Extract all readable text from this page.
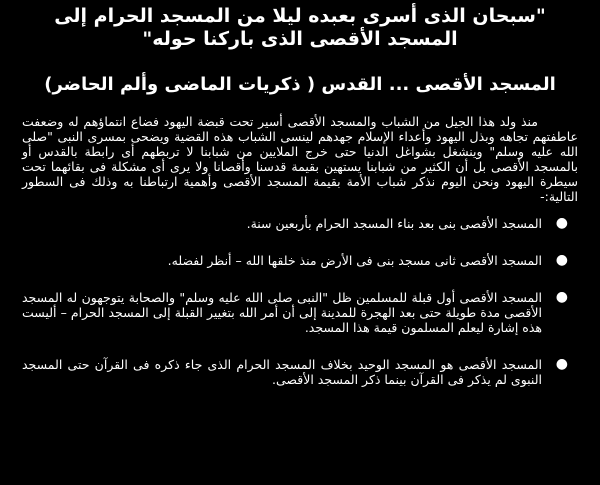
"سبحان الذى أسرى بعبده ليلا من المسجد الحرام إلى

المسجد الأقصى الذى باركنا حوله"

المسجد الأقصى ... القدس ( ذكريات الماضى وألم الحاضر)

منذ ولد هذا الجيل من الشباب والمسجد الأقصى أسير تحت قبضة اليهود فضاع انتماؤهم له وضعفت عاطفتهم تجاهه وبذل اليهود وأعداء الإسلام جهدهم لينسى الشباب هذه القضية ويضحى بمسرى النبى "صلى الله عليه وسلم" وينشغل بشواغل الدنيا حتى خرج الملايين من شبابنا لا تربطهم أى رابطة بالقدس أو بالمسجد الأقصى بل أن الكثير من شبابنا يستهين بقيمة قدسنا وأقصانا ولا يرى أى مشكلة فى بقائهما تحت سيطرة اليهود ونحن اليوم نذكر شباب الأمة بقيمة المسجد الأقصى وأهمية ارتباطنا به وذلك فى السطور التالية:-

●
المسجد الأقصى بنى بعد بناء المسجد الحرام بأربعين سنة.
●
المسجد الأقصى ثانى مسجد بنى فى الأرض منذ خلقها الله – أنظر لفضله.
●
المسجد الأقصى أول قبلة للمسلمين ظل "النبى صلى الله عليه وسلم" والصحابة يتوجهون له المسجد الأقصى مدة طويلة حتى بعد الهجرة للمدينة إلى أن أمر الله بتغيير القبلة إلى المسجد الحرام – أليست هذه إشارة ليعلم المسلمون قيمة هذا المسجد.
●
المسجد الأقصى هو المسجد الوحيد بخلاف المسجد الحرام الذى جاء ذكره فى القرآن حتى المسجد النبوى لم يذكر فى القرآن بينما ذكر المسجد الأقصى.
